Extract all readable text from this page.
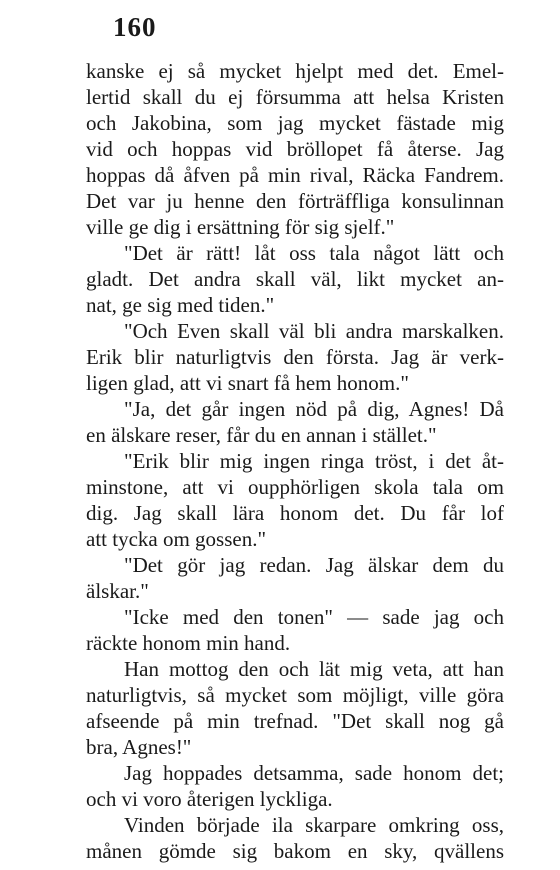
160
kanske ej så mycket hjelpt med det. Emel-
lertid skall du ej försumma att helsa Kristen
och Jakobina, som jag mycket fästade mig
vid och hoppas vid bröllopet få återse. Jag
hoppas då åfven på min rival, Räcka Fandrem.
Det var ju henne den förträffliga konsulinnan
ville ge dig i ersättning för sig sjelf."
"Det är rätt! låt oss tala något lätt och
gladt. Det andra skall väl, likt mycket an-
nat, ge sig med tiden."
"Och Even skall väl bli andra marskalken.
Erik blir naturligtvis den första. Jag är verk-
ligen glad, att vi snart få hem honom."
"Ja, det går ingen nöd på dig, Agnes! Då
en älskare reser, får du en annan i stället."
"Erik blir mig ingen ringa tröst, i det åt-
minstone, att vi oupphörligen skola tala om
dig. Jag skall lära honom det. Du får lof
att tycka om gossen."
"Det gör jag redan. Jag älskar dem du
älskar."
"Icke med den tonen" — sade jag och
räckte honom min hand.
Han mottog den och lät mig veta, att han
naturligtvis, så mycket som möjligt, ville göra
afseende på min trefnad. "Det skall nog gå
bra, Agnes!"
Jag hoppades detsamma, sade honom det;
och vi voro återigen lyckliga.
Vinden började ila skarpare omkring oss,
månen gömde sig bakom en sky, qvällens
